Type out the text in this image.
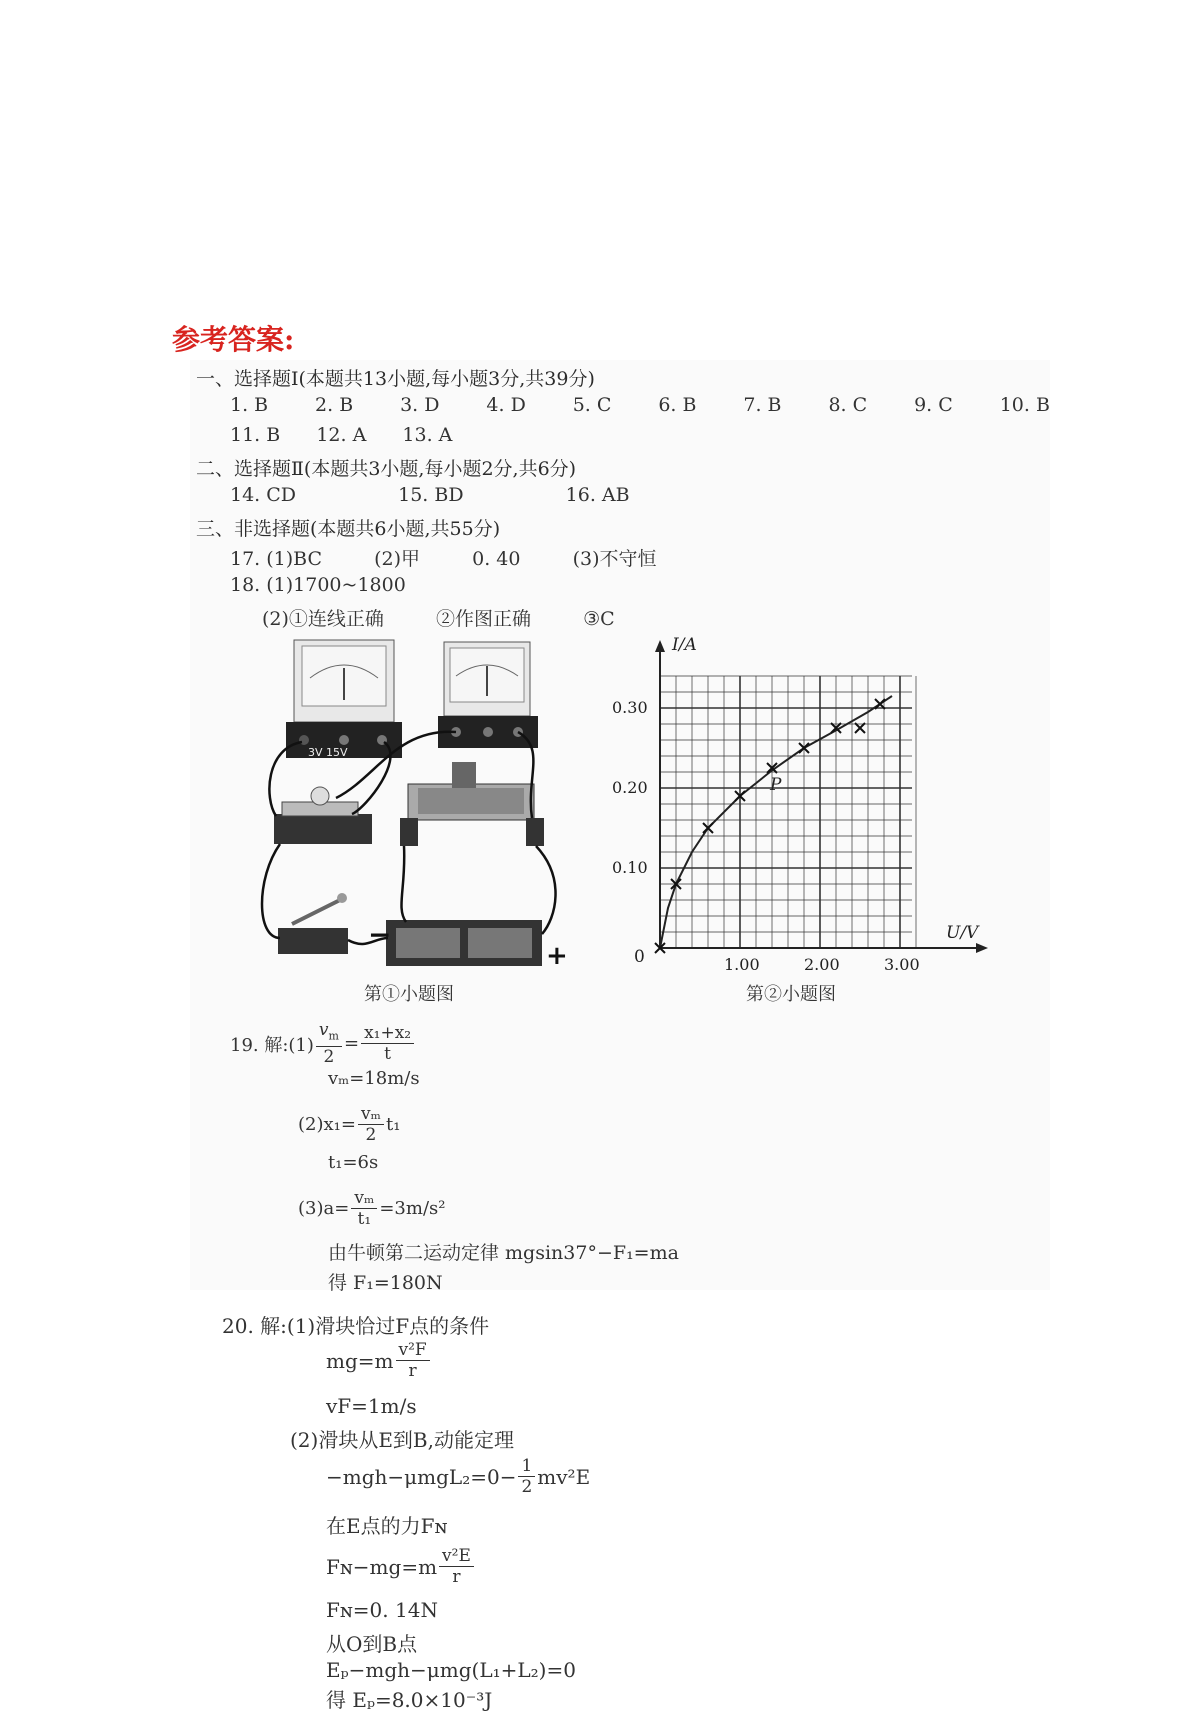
参考答案:
一、选择题Ⅰ(本题共13小题,每小题3分,共39分)
1. B 2. B 3. D 4. D 5. C 6. B 7. B 8. C 9. C 10. B
11. B 12. A 13. A
二、选择题Ⅱ(本题共3小题,每小题2分,共6分)
14. CD	15. BD	16. AB
三、非选择题(本题共6小题,共55分)
17. (1)BC	(2)甲	0. 40	(3)不守恒
18. (1)1700~1800
(2)①连线正确	②作图正确	③C
3V 15V
−
+
第①小题图
I/A
U/V
0	1.00	2.00	3.00
0.10
0.20
0.30
P
第②小题图
19. 解:(1) $\frac{v_m}{2} = \frac{\text{x₁+x₂}}{t}$
vₘ=18m/s
$(2)x_1= \frac{\text{vₘ}}{2} t_1$
t₁=6s
$(3)a= \frac{\text{vₘ}}{\text{t₁}} =3m/s^2$
由牛顿第二运动定律 mgsin37°−F₁=ma
得 F₁=180N
20. 解:(1)滑块恰过F点的条件
$mg=m \frac{\text{v²F}}{r}$
vF=1m/s
(2)滑块从E到B,动能定理
$-mgh-\mu mgL_2=0- \frac{1}{2} mv^2E$
在E点的力Fɴ
Fɴ−mg=m $\frac{\text{v²E}}{r}$
Fɴ=0. 14N
从O到B点
Eₚ−mgh−μmg(L₁+L₂)=0
得 Eₚ=8.0×10⁻³J
